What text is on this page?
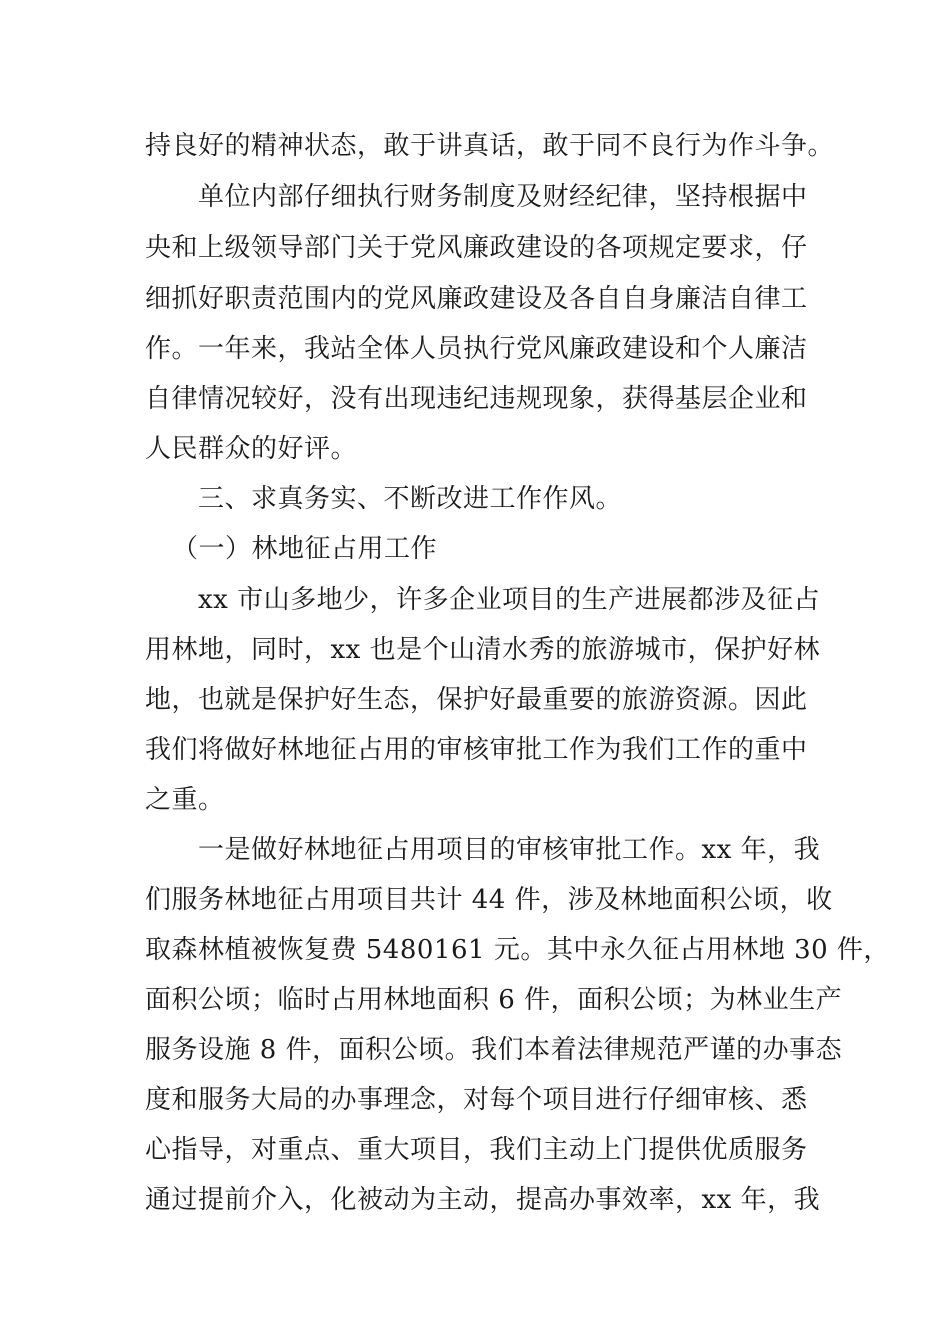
持良好的精神状态，敢于讲真话，敢于同不良行为作斗争。
单位内部仔细执行财务制度及财经纪律，坚持根据中
央和上级领导部门关于党风廉政建设的各项规定要求，仔
细抓好职责范围内的党风廉政建设及各自自身廉洁自律工
作。一年来，我站全体人员执行党风廉政建设和个人廉洁
自律情况较好，没有出现违纪违规现象，获得基层企业和
人民群众的好评。
三、求真务实、不断改进工作作风。
（一）林地征占用工作
xx 市山多地少，许多企业项目的生产进展都涉及征占
用林地，同时，xx 也是个山清水秀的旅游城市，保护好林
地，也就是保护好生态，保护好最重要的旅游资源。因此
我们将做好林地征占用的审核审批工作为我们工作的重中
之重。
一是做好林地征占用项目的审核审批工作。xx 年，我
们服务林地征占用项目共计 44 件，涉及林地面积公顷，收
取森林植被恢复费 5480161 元。其中永久征占用林地 30 件，
面积公顷；临时占用林地面积 6 件，面积公顷；为林业生产
服务设施 8 件，面积公顷。我们本着法律规范严谨的办事态
度和服务大局的办事理念，对每个项目进行仔细审核、悉
心指导，对重点、重大项目，我们主动上门提供优质服务
通过提前介入，化被动为主动，提高办事效率，xx 年，我
